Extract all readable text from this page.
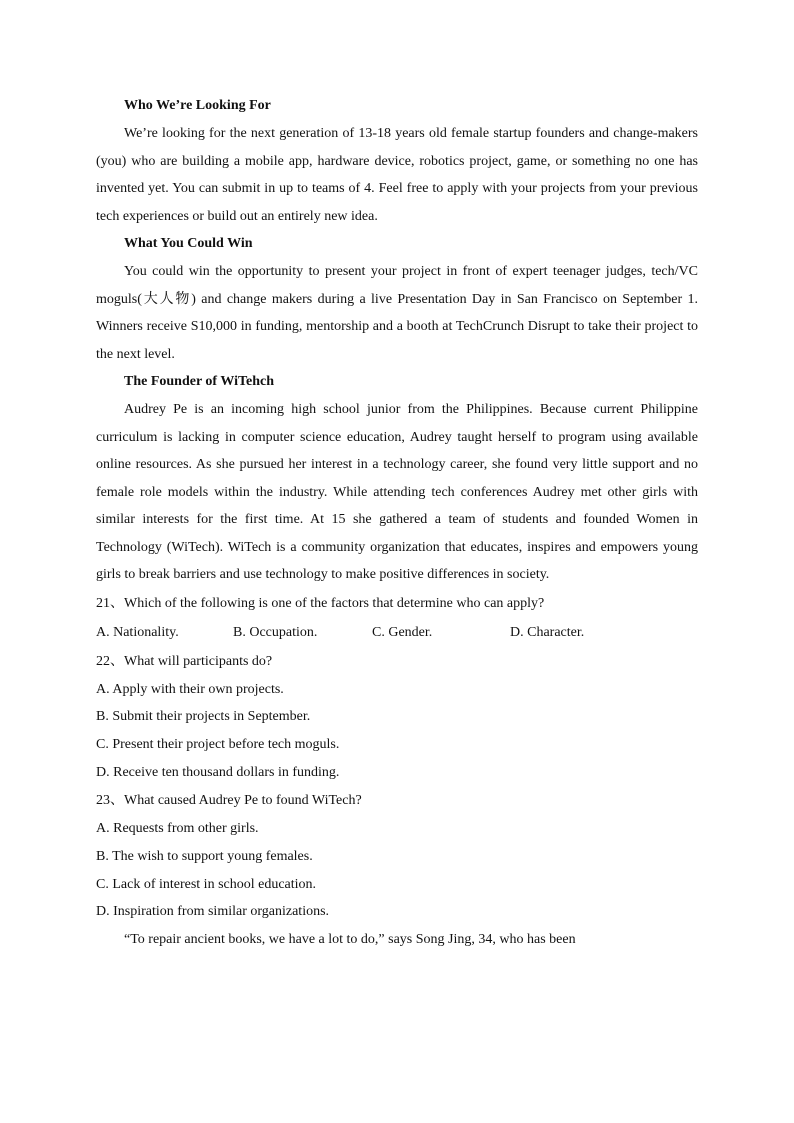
Who We’re Looking For

We’re looking for the next generation of 13-18 years old female startup founders and change-makers (you) who are building a mobile app, hardware device, robotics project, game, or something no one has invented yet. You can submit in up to teams of 4. Feel free to apply with your projects from your previous tech experiences or build out an entirely new idea.

What You Could Win

You could win the opportunity to present your project in front of expert teenager judges, tech/VC moguls(大人物) and change makers during a live Presentation Day in San Francisco on September 1. Winners receive S10,000 in funding, mentorship and a booth at TechCrunch Disrupt to take their project to the next level.

The Founder of WiTehch

Audrey Pe is an incoming high school junior from the Philippines. Because current Philippine curriculum is lacking in computer science education, Audrey taught herself to program using available online resources. As she pursued her interest in a technology career, she found very little support and no female role models within the industry. While attending tech conferences Audrey met other girls with similar interests for the first time. At 15 she gathered a team of students and founded Women in Technology (WiTech). WiTech is a community organization that educates, inspires and empowers young girls to break barriers and use technology to make positive differences in society.

21、Which of the following is one of the factors that determine who can apply?

A. Nationality.	B. Occupation.	C. Gender.	D. Character.

22、What will participants do?

A. Apply with their own projects.

B. Submit their projects in September.

C. Present their project before tech moguls.

D. Receive ten thousand dollars in funding.

23、What caused Audrey Pe to found WiTech?

A. Requests from other girls.

B. The wish to support young females.

C. Lack of interest in school education.

D. Inspiration from similar organizations.

“To repair ancient books, we have a lot to do,” says Song Jing, 34, who has been
